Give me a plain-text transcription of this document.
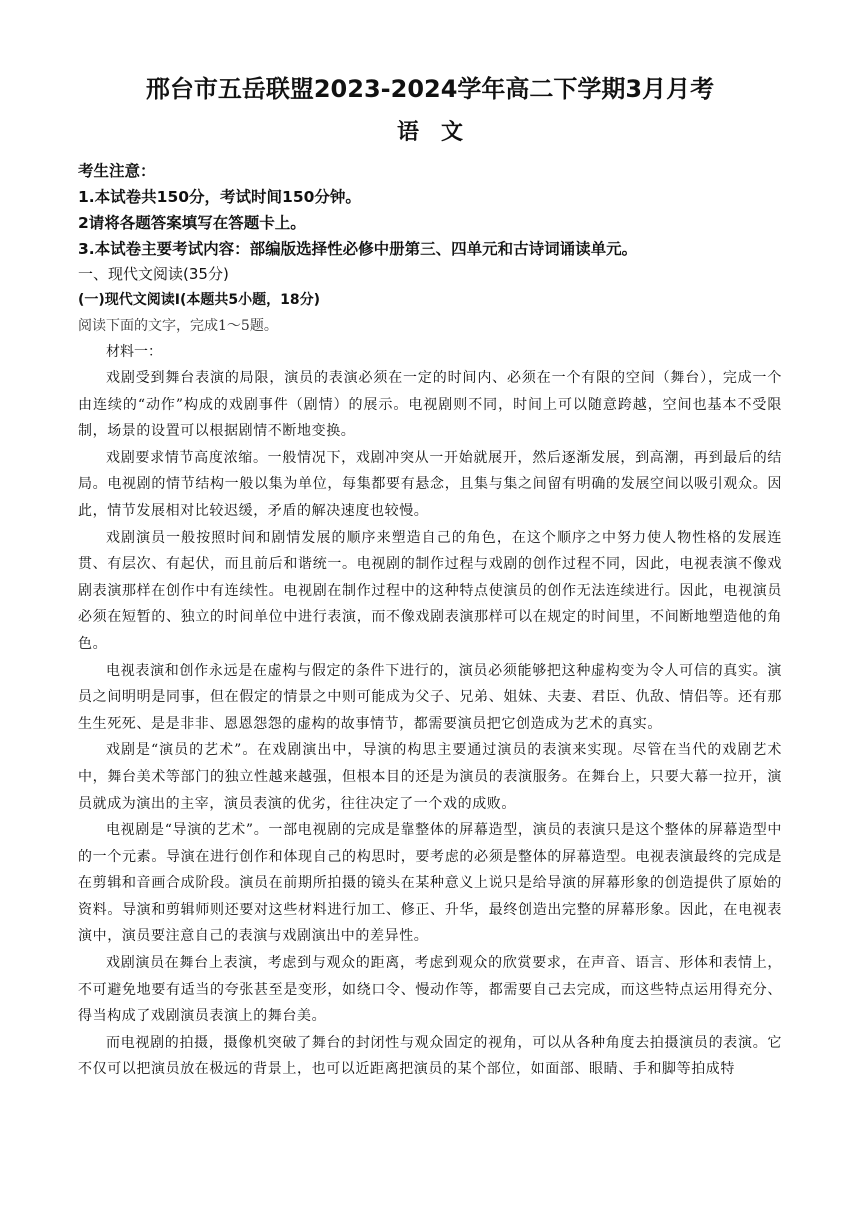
邢台市五岳联盟2023-2024学年高二下学期3月月考
语文

考生注意：

1.本试卷共150分，考试时间150分钟。

2请将各题答案填写在答题卡上。

3.本试卷主要考试内容：部编版选择性必修中册第三、四单元和古诗词诵读单元。

一、现代文阅读(35分)

(一)现代文阅读Ⅰ(本题共5小题，18分)

阅读下面的文字，完成1～5题。

材料一：

戏剧受到舞台表演的局限，演员的表演必须在一定的时间内、必须在一个有限的空间（舞台），完成一个由连续的“动作”构成的戏剧事件（剧情）的展示。电视剧则不同，时间上可以随意跨越，空间也基本不受限制，场景的设置可以根据剧情不断地变换。

戏剧要求情节高度浓缩。一般情况下，戏剧冲突从一开始就展开，然后逐渐发展，到高潮，再到最后的结局。电视剧的情节结构一般以集为单位，每集都要有悬念，且集与集之间留有明确的发展空间以吸引观众。因此，情节发展相对比较迟缓，矛盾的解决速度也较慢。

戏剧演员一般按照时间和剧情发展的顺序来塑造自己的角色，在这个顺序之中努力使人物性格的发展连贯、有层次、有起伏，而且前后和谐统一。电视剧的制作过程与戏剧的创作过程不同，因此，电视表演不像戏剧表演那样在创作中有连续性。电视剧在制作过程中的这种特点使演员的创作无法连续进行。因此，电视演员必须在短暂的、独立的时间单位中进行表演，而不像戏剧表演那样可以在规定的时间里，不间断地塑造他的角色。

电视表演和创作永远是在虚构与假定的条件下进行的，演员必须能够把这种虚构变为令人可信的真实。演员之间明明是同事，但在假定的情景之中则可能成为父子、兄弟、姐妹、夫妻、君臣、仇敌、情侣等。还有那生生死死、是是非非、恩恩怨怨的虚构的故事情节，都需要演员把它创造成为艺术的真实。

戏剧是“演员的艺术”。在戏剧演出中，导演的构思主要通过演员的表演来实现。尽管在当代的戏剧艺术中，舞台美术等部门的独立性越来越强，但根本目的还是为演员的表演服务。在舞台上，只要大幕一拉开，演员就成为演出的主宰，演员表演的优劣，往往决定了一个戏的成败。

电视剧是“导演的艺术”。一部电视剧的完成是靠整体的屏幕造型，演员的表演只是这个整体的屏幕造型中的一个元素。导演在进行创作和体现自己的构思时，要考虑的必须是整体的屏幕造型。电视表演最终的完成是在剪辑和音画合成阶段。演员在前期所拍摄的镜头在某种意义上说只是给导演的屏幕形象的创造提供了原始的资料。导演和剪辑师则还要对这些材料进行加工、修正、升华，最终创造出完整的屏幕形象。因此，在电视表演中，演员要注意自己的表演与戏剧演出中的差异性。

戏剧演员在舞台上表演，考虑到与观众的距离，考虑到观众的欣赏要求，在声音、语言、形体和表情上，不可避免地要有适当的夸张甚至是变形，如绕口令、慢动作等，都需要自己去完成，而这些特点运用得充分、得当构成了戏剧演员表演上的舞台美。

而电视剧的拍摄，摄像机突破了舞台的封闭性与观众固定的视角，可以从各种角度去拍摄演员的表演。它不仅可以把演员放在极远的背景上，也可以近距离把演员的某个部位，如面部、眼睛、手和脚等拍成特
